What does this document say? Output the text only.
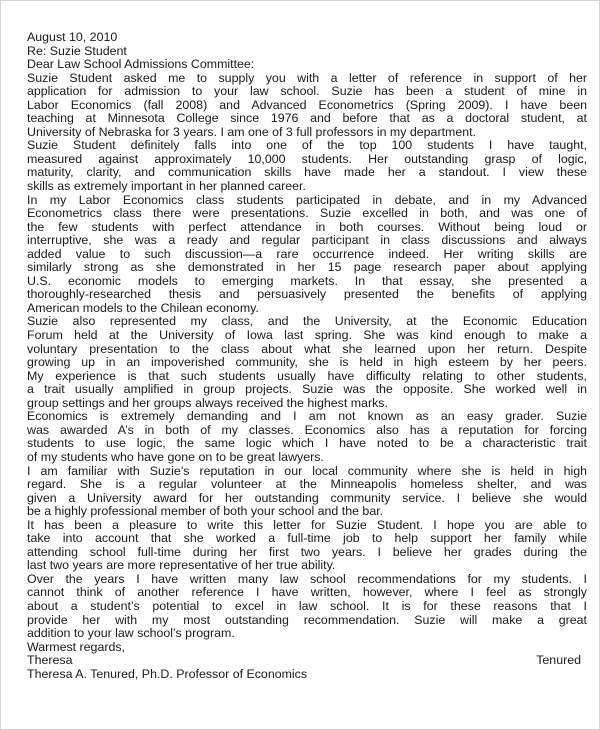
August 10, 2010
Re: Suzie Student
Dear Law School Admissions Committee:
Suzie Student asked me to supply you with a letter of reference in support of her
application for admission to your law school. Suzie has been a student of mine in
Labor Economics (fall 2008) and Advanced Econometrics (Spring 2009). I have been
teaching at Minnesota College since 1976 and before that as a doctoral student, at
University of Nebraska for 3 years. I am one of 3 full professors in my department.
Suzie Student definitely falls into one of the top 100 students I have taught,
measured against approximately 10,000 students. Her outstanding grasp of logic,
maturity, clarity, and communication skills have made her a standout. I view these
skills as extremely important in her planned career.
In my Labor Economics class students participated in debate, and in my Advanced
Econometrics class there were presentations. Suzie excelled in both, and was one of
the few students with perfect attendance in both courses. Without being loud or
interruptive, she was a ready and regular participant in class discussions and always
added value to such discussion—a rare occurrence indeed. Her writing skills are
similarly strong as she demonstrated in her 15 page research paper about applying
U.S. economic models to emerging markets. In that essay, she presented a
thoroughly-researched thesis and persuasively presented the benefits of applying
American models to the Chilean economy.
Suzie also represented my class, and the University, at the Economic Education
Forum held at the University of Iowa last spring. She was kind enough to make a
voluntary presentation to the class about what she learned upon her return. Despite
growing up in an impoverished community, she is held in high esteem by her peers.
My experience is that such students usually have difficulty relating to other students,
a trait usually amplified in group projects. Suzie was the opposite. She worked well in
group settings and her groups always received the highest marks.
Economics is extremely demanding and I am not known as an easy grader. Suzie
was awarded A’s in both of my classes. Economics also has a reputation for forcing
students to use logic, the same logic which I have noted to be a characteristic trait
of my students who have gone on to be great lawyers.
I am familiar with Suzie’s reputation in our local community where she is held in high
regard. She is a regular volunteer at the Minneapolis homeless shelter, and was
given a University award for her outstanding community service. I believe she would
be a highly professional member of both your school and the bar.
It has been a pleasure to write this letter for Suzie Student. I hope you are able to
take into account that she worked a full-time job to help support her family while
attending school full-time during her first two years. I believe her grades during the
last two years are more representative of her true ability.
Over the years I have written many law school recommendations for my students. I
cannot think of another reference I have written, however, where I feel as strongly
about a student’s potential to excel in law school. It is for these reasons that I
provide her with my most outstanding recommendation. Suzie will make a great
addition to your law school’s program.
Warmest regards,
Theresa	Tenured
Theresa A. Tenured, Ph.D. Professor of Economics
